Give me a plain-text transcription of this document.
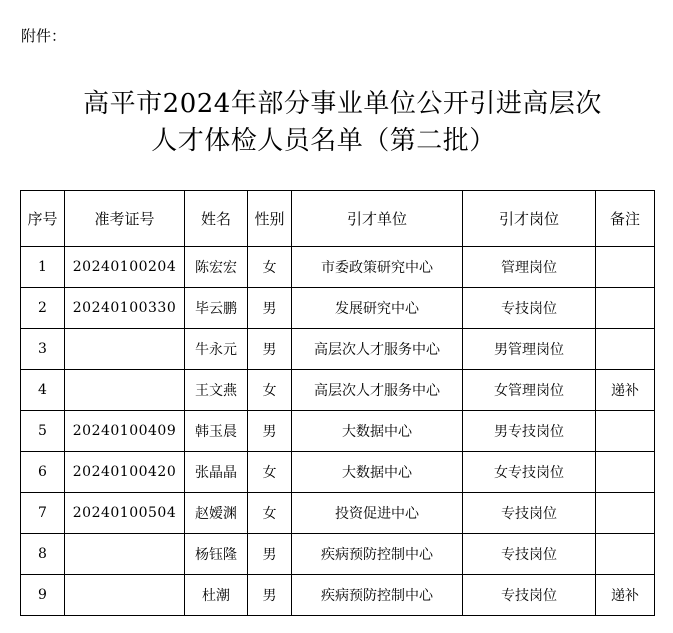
附件：
高平市2024年部分事业单位公开引进高层次
人才体检人员名单（第二批）
序号	准考证号	姓名	性别	引才单位	引才岗位	备注
1	20240100204	陈宏宏	女	市委政策研究中心	管理岗位	
2	20240100330	毕云鹏	男	发展研究中心	专技岗位	
3		牛永元	男	高层次人才服务中心	男管理岗位	
4		王文燕	女	高层次人才服务中心	女管理岗位	递补
5	20240100409	韩玉晨	男	大数据中心	男专技岗位	
6	20240100420	张晶晶	女	大数据中心	女专技岗位	
7	20240100504	赵嫒渊	女	投资促进中心	专技岗位	
8		杨钰隆	男	疾病预防控制中心	专技岗位	
9		杜潮	男	疾病预防控制中心	专技岗位	递补
